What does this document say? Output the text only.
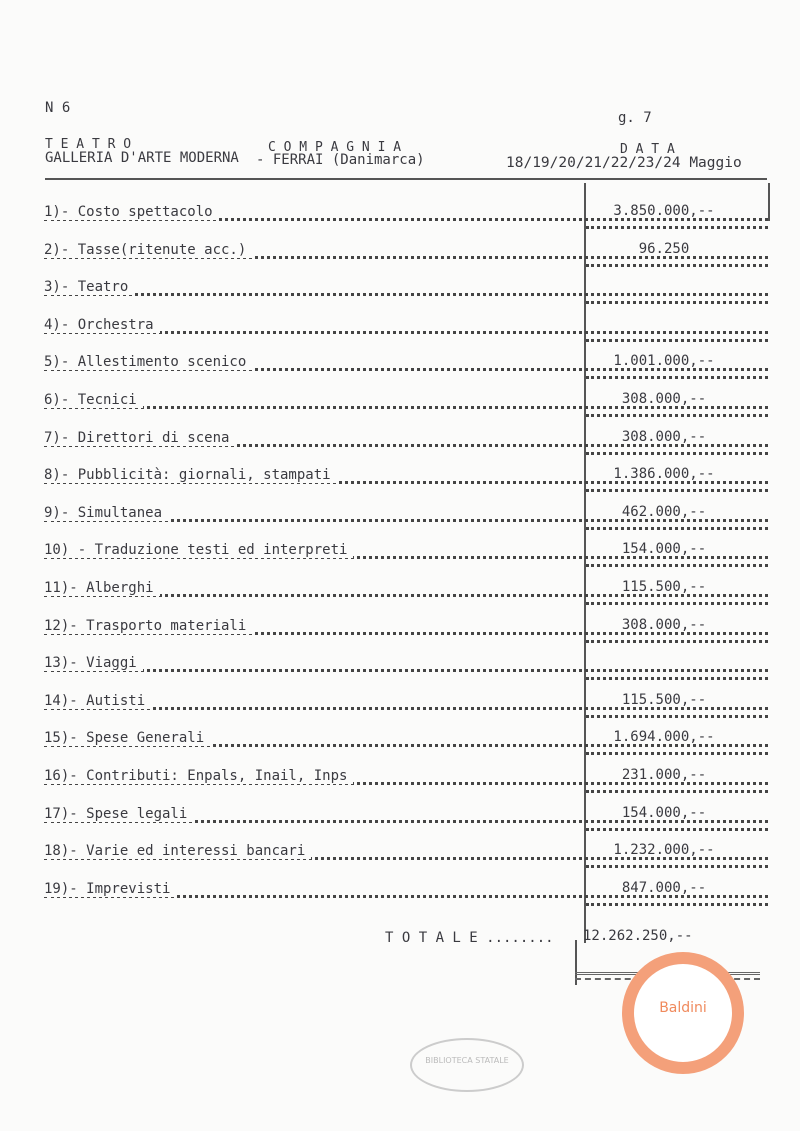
N 6
g. 7
T E A T R O	C O M P A G N I A	D A T A
GALLERIA D'ARTE MODERNA - FERRAI (Danimarca)	18/19/20/21/22/23/24 Maggio
T O T A L E ........ 12.262.250,--

BIBLIOTECA STATALE
Baldini
1)- Costo spettacolo	3.850.000,--
2)- Tasse(ritenute acc.)	96.250
3)- Teatro
4)- Orchestra
5)- Allestimento scenico	1.001.000,--
6)- Tecnici	308.000,--
7)- Direttori di scena	308.000,--
8)- Pubblicità: giornali, stampati	1.386.000,--
9)- Simultanea	462.000,--
10) - Traduzione testi ed interpreti	154.000,--
11)- Alberghi	115.500,--
12)- Trasporto materiali	308.000,--
13)- Viaggi
14)- Autisti	115.500,--
15)- Spese Generali	1.694.000,--
16)- Contributi: Enpals, Inail, Inps	231.000,--
17)- Spese legali	154.000,--
18)- Varie ed interessi bancari	1.232.000,--
19)- Imprevisti	847.000,--
